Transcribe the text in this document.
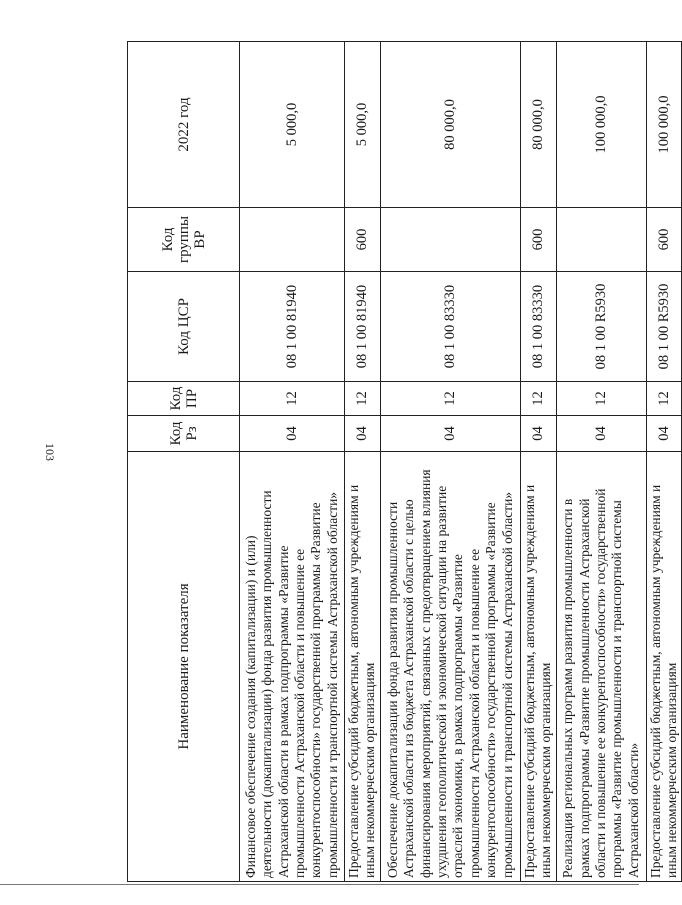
103
Наименование показателя	Код Рз	Код ПР	Код ЦСР	Код группы ВР	2022 год
Финансовое обеспечение создания (капитализации) и (или) деятельности (докапитализации) фонда развития промышленности Астраханской области в рамках подпрограммы «Развитие промышленности Астраханской области и повышение ее конкурентоспособности» государственной программы «Развитие промышленности и транспортной системы Астраханской области»	04	12	08 1 00 81940		5 000,0
Предоставление субсидий бюджетным, автономным учреждениям и иным некоммерческим организациям	04	12	08 1 00 81940	600	5 000,0
Обеспечение докапитализации фонда развития промышленности Астраханской области из бюджета Астраханской области с целью финансирования мероприятий, связанных с предотвращением влияния ухудшения геополитической и экономической ситуации на развитие отраслей экономики, в рамках подпрограммы «Развитие промышленности Астраханской области и повышение ее конкурентоспособности» государственной программы «Развитие промышленности и транспортной системы Астраханской области»	04	12	08 1 00 83330		80 000,0
Предоставление субсидий бюджетным, автономным учреждениям и иным некоммерческим организациям	04	12	08 1 00 83330	600	80 000,0
Реализация региональных программ развития промышленности в рамках подпрограммы «Развитие промышленности Астраханской области и повышение ее конкурентоспособности» государственной программы «Развитие промышленности и транспортной системы Астраханской области»	04	12	08 1 00 R5930		100 000,0
Предоставление субсидий бюджетным, автономным учреждениям и иным некоммерческим организациям	04	12	08 1 00 R5930	600	100 000,0
